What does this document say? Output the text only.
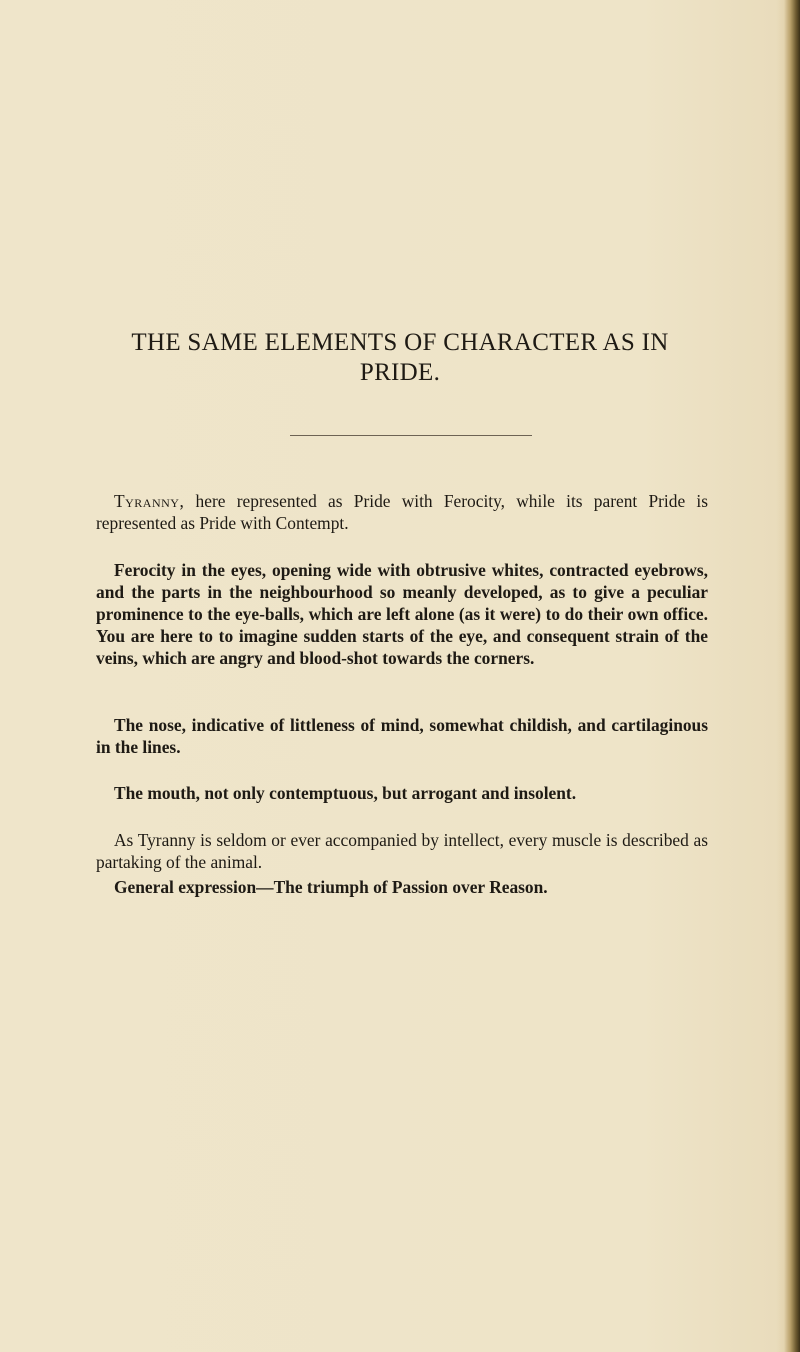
THE SAME ELEMENTS OF CHARACTER AS IN PRIDE.

Tyranny, here represented as Pride with Ferocity, while its parent Pride is represented as Pride with Contempt.

Ferocity in the eyes, opening wide with obtrusive whites, contracted eyebrows, and the parts in the neighbourhood so meanly developed, as to give a peculiar prominence to the eye-balls, which are left alone (as it were) to do their own office. You are here to to imagine sudden starts of the eye, and consequent strain of the veins, which are angry and blood-shot towards the corners.

The nose, indicative of littleness of mind, somewhat childish, and cartilaginous in the lines.

The mouth, not only contemptuous, but arrogant and insolent.

As Tyranny is seldom or ever accompanied by intellect, every muscle is described as partaking of the animal.

General expression—The triumph of Passion over Reason.
